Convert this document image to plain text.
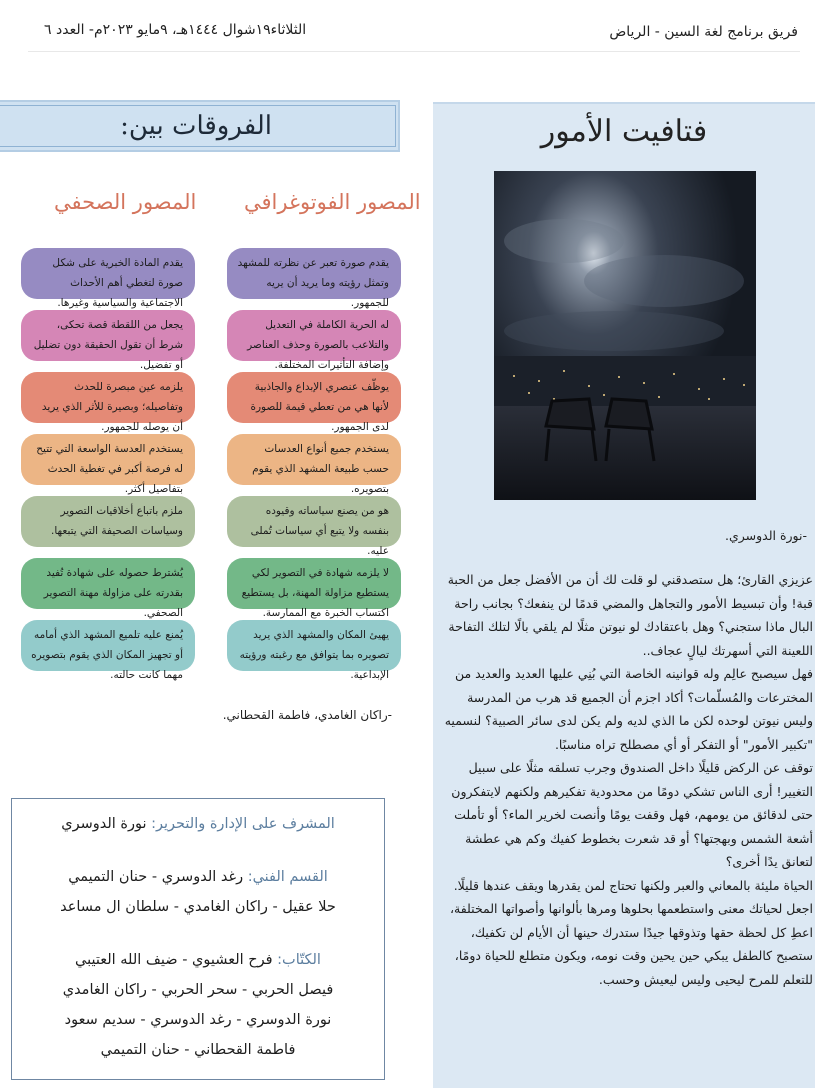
فريق برنامج لغة السين - الرياض
الثلاثاء١٩شوال ١٤٤٤هـ، ٩مايو ٢٠٢٣م- العدد ٦
فتافيت الأمور
-نورة الدوسري.

عزيزي القارئ؛ هل ستصدقني لو قلت لك أن من الأفضل جعل من الحبة قبة! وأن تبسيط الأمور والتجاهل والمضي قدمًا لن ينفعك؟ بجانب راحة البال ماذا ستجني؟ وهل باعتقادك لو نيوتن مثلًا لم يلقي بالًا لتلك التفاحة اللعينة التي أسهرتك ليالٍ عجاف..

فهل سيصبح عالِم وله قوانينه الخاصة التي بُنِي عليها العديد والعديد من المخترعات والمُسلّمات؟ أكاد اجزم أن الجميع قد هرب من المدرسة وليس نيوتن لوحده لكن ما الذي لديه ولم يكن لدى سائر الصبية؟ لنسميه "تكبير الأمور" أو التفكر أو أي مصطلح تراه مناسبًا.

توقف عن الركض قليلًا داخل الصندوق وجرب تسلقه مثلًا على سبيل التغيير! أرى الناس تشكي دومًا من محدودية تفكيرهم ولكنهم لايتفكرون حتى لدقائق من يومهم، فهل وقفت يومًا وأنصت لخرير الماء؟ أو تأملت أشعة الشمس وبهجتها؟ أو قد شعرت بخطوط كفيك وكم هي عطشة لتعانق يدًا أخرى؟

الحياة مليئة بالمعاني والعبر ولكنها تحتاج لمن يقدرها ويقف عندها قليلًا.

اجعل لحياتك معنى واستطعمها بحلوها ومرها بألوانها وأصواتها المختلفة، اعطِ كل لحظة حقها وتذوقها جيدًا ستدرك حينها أن الأيام لن تكفيك، ستصبح كالطفل يبكي حين يحين وقت نومه، ويكون متطلع للحياة دومًا، للتعلم للمرح ليحيى وليس ليعيش وحسب.

الفروقات بين:
المصور الفوتوغرافي
المصور الصحفي
يقدم صورة تعبر عن نظرته للمشهد وتمثل رؤيته وما يريد أن يريه للجمهور.
له الحرية الكاملة في التعديل والتلاعب بالصورة وحذف العناصر وإضافة التأثيرات المختلفة.
يوظّف عنصري الإبداع والجاذبية لأنها هي من تعطي قيمة للصورة لدى الجمهور.
يستخدم جميع أنواع العدسات حسب طبيعة المشهد الذي يقوم بتصويره.
هو من يصنع سياساته وقيوده بنفسه ولا يتبع أي سياسات تُملى عليه.
لا يلزمه شهادة في التصوير لكي يستطيع مزاولة المهنة، بل يستطيع اكتساب الخبرة مع الممارسة.
يهيئ المكان والمشهد الذي يريد تصويره بما يتوافق مع رغبته ورؤيته الإبداعية.
يقدم المادة الخبرية على شكل صورة لتغطي أهم الأحداث الاجتماعية والسياسية وغيرها.
يجعل من اللقطة قصة تحكى، شرط أن تقول الحقيقة دون تضليل أو تفضيل.
يلزمه عين مبصرة للحدث وتفاصيله؛ وبصيرة للأثر الذي يريد أن يوصله للجمهور.
يستخدم العدسة الواسعة التي تتيح له فرصة أكبر في تغطية الحدث بتفاصيل أكثر.
ملزم باتباع أخلاقيات التصوير وسياسات الصحيفة التي يتبعها.
يُشترط حصوله على شهادة تُفيد بقدرته على مزاولة مهنة التصوير الصحفي.
يُمنع عليه تلميع المشهد الذي أمامه أو تجهيز المكان الذي يقوم بتصويره مهما كانت حالته.
-راكان الغامدي، فاطمة القحطاني.
المشرف على الإدارة والتحرير: نورة الدوسري
القسم الفني: رغد الدوسري - حنان التميمي
حلا عقيل - راكان الغامدي - سلطان ال مساعد
الكتّاب: فرح العشيوي - ضيف الله العتيبي
فيصل الحربي - سحر الحربي - راكان الغامدي
نورة الدوسري - رغد الدوسري - سديم سعود
فاطمة القحطاني - حنان التميمي
